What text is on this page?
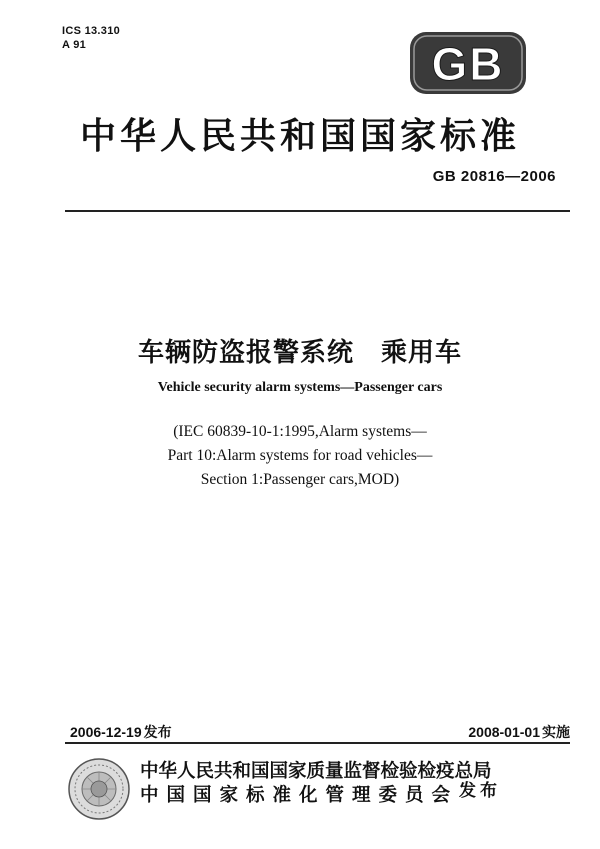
ICS 13.310
A 91	GB
中华人民共和国国家标准
GB 20816—2006
车辆防盗报警系统　乘用车
Vehicle security alarm systems—Passenger cars
(IEC 60839-10-1:1995,Alarm systems—
Part 10:Alarm systems for road vehicles—
Section 1:Passenger cars,MOD)
2006-12-19 发布	2008-01-01 实施
中华人民共和国国家质量监督检验检疫总局
中国国家标准化管理委员会 发布
